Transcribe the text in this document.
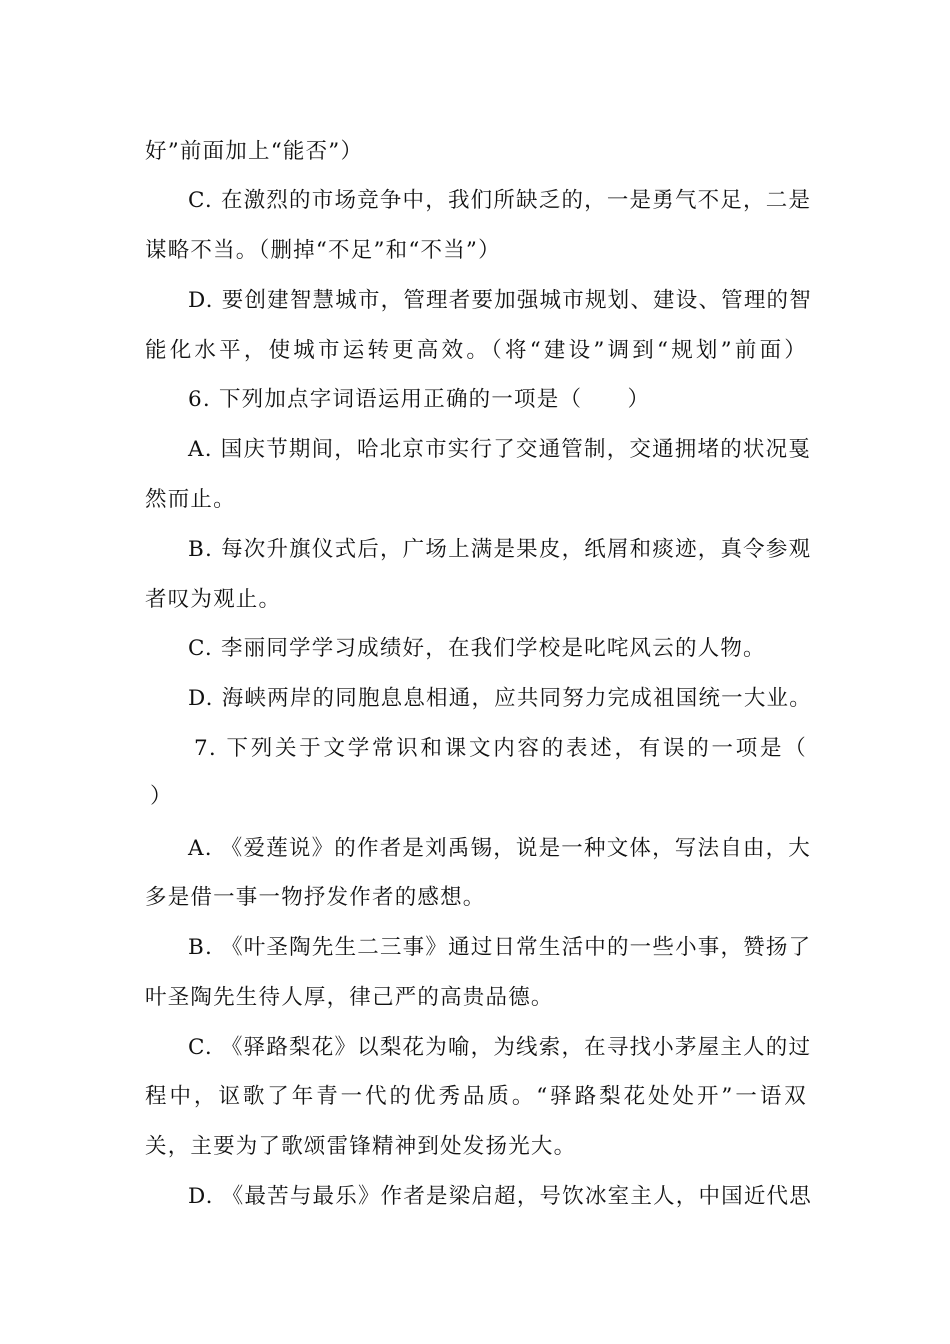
好”前面加上“能否”）
C. 在激烈的市场竞争中，我们所缺乏的，一是勇气不足，二是
谋略不当。（删掉“不足”和“不当”）
D. 要创建智慧城市，管理者要加强城市规划、建设、管理的智
能化水平，使城市运转更高效。（将“建设”调到“规划”前面）
6. 下列加点字词语运用正确的一项是（　　）
A. 国庆节期间，哈北京市实行了交通管制，交通拥堵的状况戛
然而止。
B. 每次升旗仪式后，广场上满是果皮，纸屑和痰迹，真令参观
者叹为观止。
C. 李丽同学学习成绩好，在我们学校是叱咤风云的人物。
D. 海峡两岸的同胞息息相通，应共同努力完成祖国统一大业。
7. 下列关于文学常识和课文内容的表述，有误的一项是（
）
A. 《爱莲说》的作者是刘禹锡，说是一种文体，写法自由，大
多是借一事一物抒发作者的感想。
B. 《叶圣陶先生二三事》通过日常生活中的一些小事，赞扬了
叶圣陶先生待人厚，律己严的高贵品德。
C. 《驿路梨花》以梨花为喻，为线索，在寻找小茅屋主人的过
程中，讴歌了年青一代的优秀品质。“驿路梨花处处开”一语双
关，主要为了歌颂雷锋精神到处发扬光大。
D. 《最苦与最乐》作者是梁启超，号饮冰室主人，中国近代思
